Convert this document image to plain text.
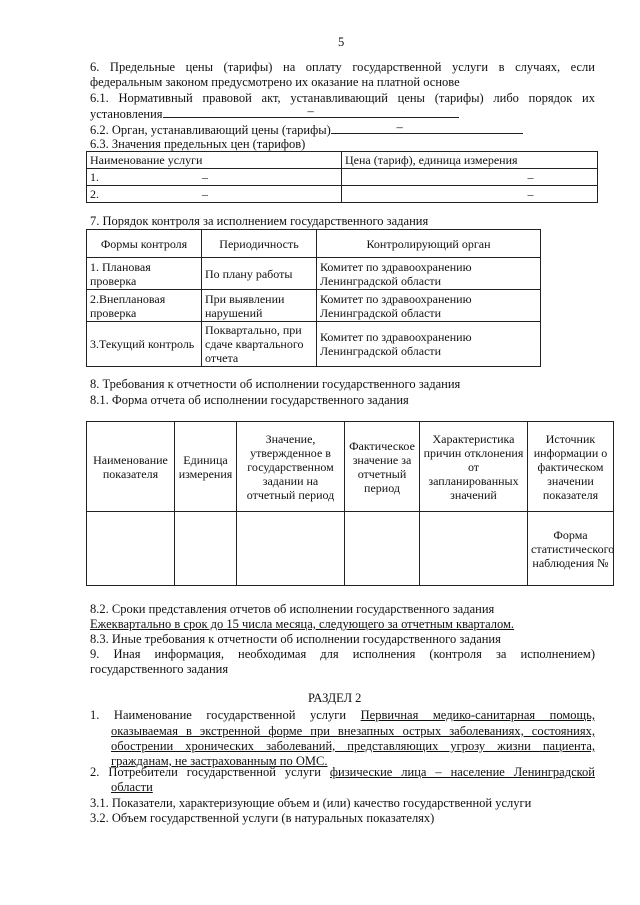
5
6. Предельные цены (тарифы) на оплату государственной услуги в случаях, если
федеральным законом предусмотрено их оказание на платной основе
6.1. Нормативный правовой акт, устанавливающий цены (тарифы) либо порядок их
установления	–
6.2. Орган, устанавливающий цены (тарифы)	–
6.3. Значения предельных цен (тарифов)
Наименование услуги	Цена (тариф), единица измерения
1. –	–
2. –	–
7. Порядок контроля за исполнением государственного задания
Формы контроля	Периодичность	Контролирующий орган
1. Плановая проверка	По плану работы	Комитет по здравоохранению Ленинградской области
2.Внеплановая проверка	При выявлении нарушений	Комитет по здравоохранению Ленинградской области
3.Текущий контроль	Поквартально, при сдаче квартального отчета	Комитет по здравоохранению Ленинградской области
8. Требования к отчетности об исполнении государственного задания
8.1. Форма отчета об исполнении государственного задания
Наименование показателя	Единица измерения	Значение, утвержденное в государственном задании на отчетный период	Фактическое значение за отчетный период	Характеристика причин отклонения от запланированных значений	Источник информации о фактическом значении показателя
					Форма статистического наблюдения №
8.2. Сроки представления отчетов об исполнении государственного задания
Ежеквартально в срок до 15 числа месяца, следующего за отчетным кварталом.
8.3. Иные требования к отчетности об исполнении государственного задания
9. Иная информация, необходимая для исполнения (контроля за исполнением)
государственного задания
РАЗДЕЛ 2
1. Наименование государственной услуги Первичная медико-санитарная помощь,
оказываемая в экстренной форме при внезапных острых заболеваниях, состояниях,
обострении хронических заболеваний, представляющих угрозу жизни пациента,
гражданам, не застрахованным по ОМС.
2. Потребители государственной услуги физические лица – население Ленинградской
области
3.1. Показатели, характеризующие объем и (или) качество государственной услуги
3.2. Объем государственной услуги (в натуральных показателях)
